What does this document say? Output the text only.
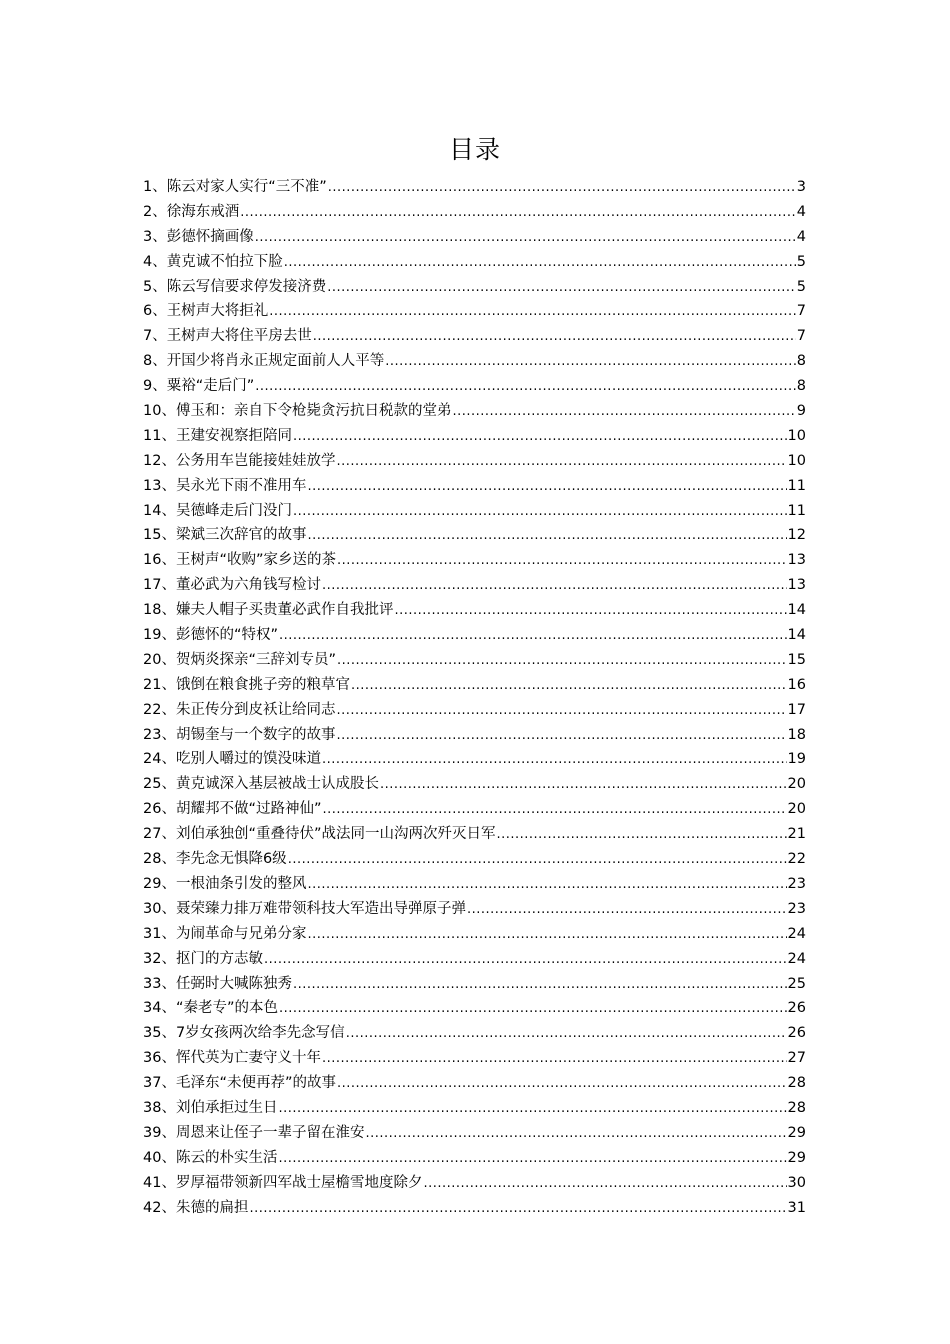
目录
1、陈云对家人实行“三不准” .....	3
2、徐海东戒酒 .....	4
3、彭德怀摘画像 .....	4
4、黄克诚不怕拉下脸 .....	5
5、陈云写信要求停发接济费 .....	5
6、王树声大将拒礼 .....	7
7、王树声大将住平房去世 .....	7
8、开国少将肖永正规定面前人人平等 .....	8
9、粟裕“走后门” .....	8
10、傅玉和：亲自下令枪毙贪污抗日税款的堂弟 .....	9
11、王建安视察拒陪同 .....	10
12、公务用车岂能接娃娃放学 .....	10
13、吴永光下雨不准用车 .....	11
14、吴德峰走后门没门 .....	11
15、梁斌三次辞官的故事 .....	12
16、王树声“收购”家乡送的茶 .....	13
17、董必武为六角钱写检讨 .....	13
18、嫌夫人帽子买贵董必武作自我批评 .....	14
19、彭德怀的“特权” .....	14
20、贺炳炎探亲“三辞刘专员” .....	15
21、饿倒在粮食挑子旁的粮草官 .....	16
22、朱正传分到皮袄让给同志 .....	17
23、胡锡奎与一个数字的故事 .....	18
24、吃别人嚼过的馍没味道 .....	19
25、黄克诚深入基层被战士认成股长 .....	20
26、胡耀邦不做“过路神仙” .....	20
27、刘伯承独创“重叠待伏”战法同一山沟两次歼灭日军 .....	21
28、李先念无惧降6级 .....	22
29、一根油条引发的整风 .....	23
30、聂荣臻力排万难带领科技大军造出导弹原子弹 .....	23
31、为闹革命与兄弟分家 .....	24
32、抠门的方志敏 .....	24
33、任弼时大喊陈独秀 .....	25
34、“秦老专”的本色 .....	26
35、7岁女孩两次给李先念写信 .....	26
36、恽代英为亡妻守义十年 .....	27
37、毛泽东“未便再荐”的故事 .....	28
38、刘伯承拒过生日 .....	28
39、周恩来让侄子一辈子留在淮安 .....	29
40、陈云的朴实生活 .....	29
41、罗厚福带领新四军战士屋檐雪地度除夕 .....	30
42、朱德的扁担 .....	31
